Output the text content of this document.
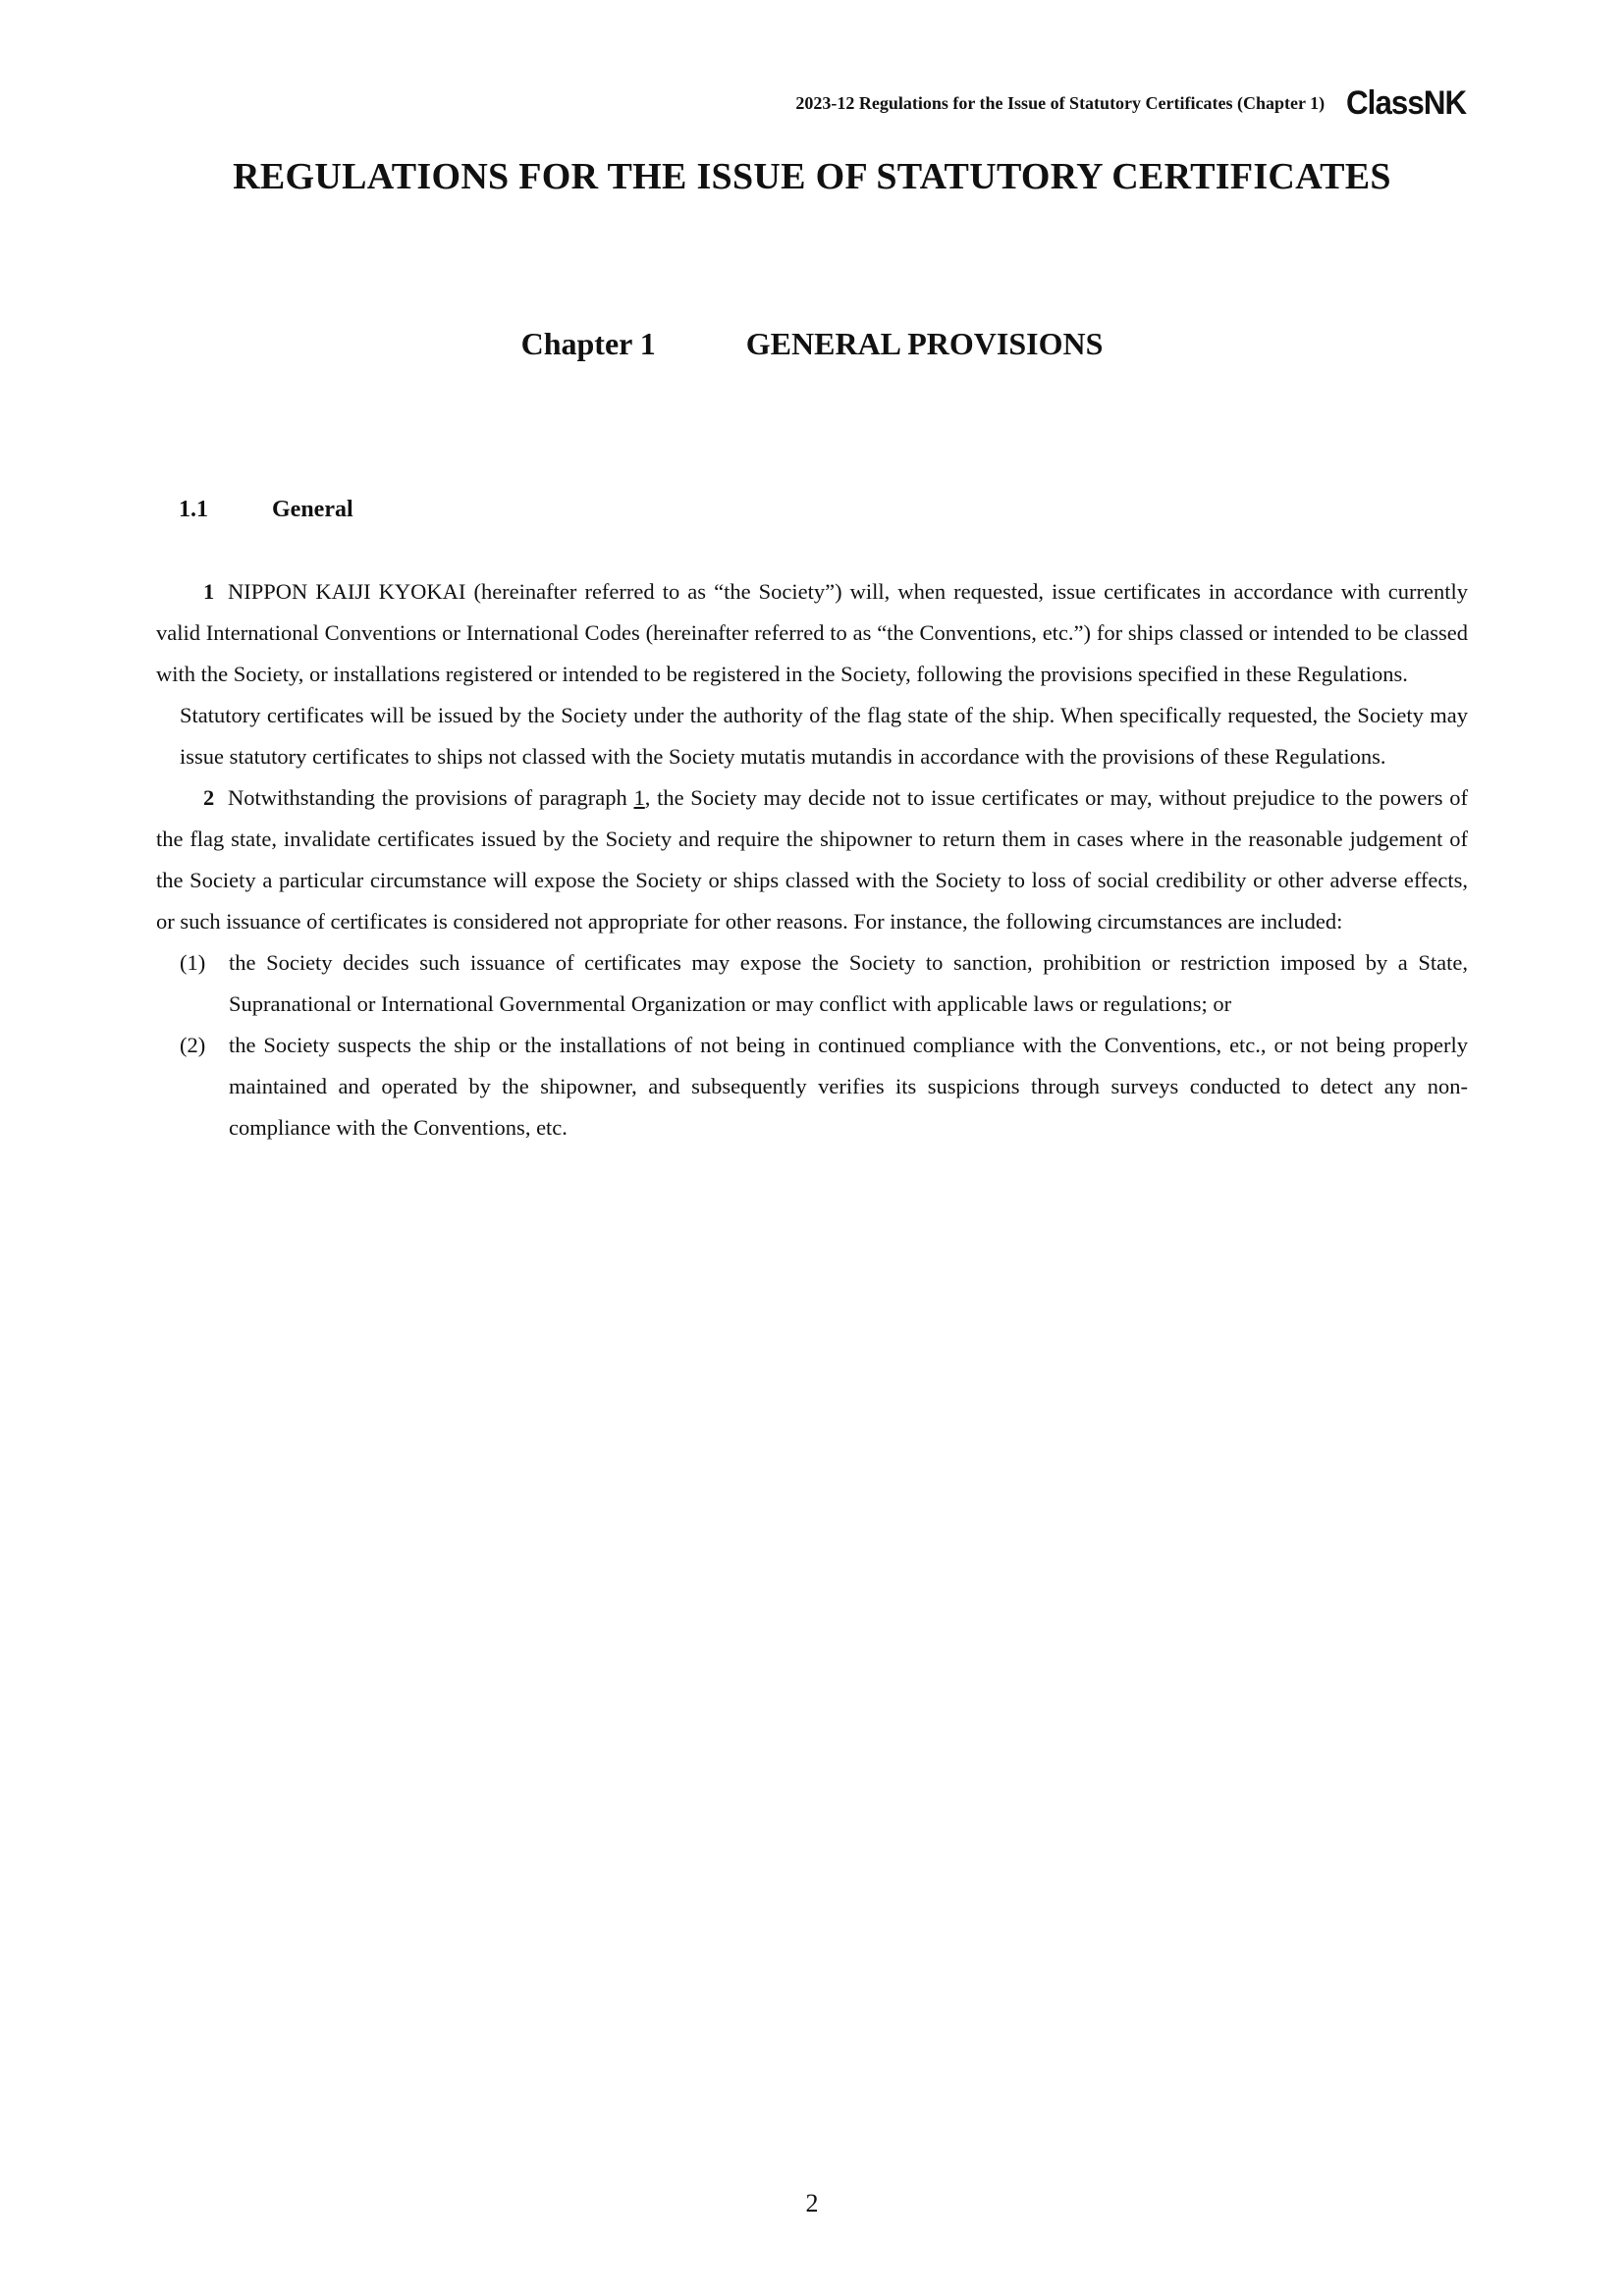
2023-12 Regulations for the Issue of Statutory Certificates (Chapter 1) ClassNK
REGULATIONS FOR THE ISSUE OF STATUTORY CERTIFICATES
Chapter 1	GENERAL PROVISIONS
1.1	General

1 NIPPON KAIJI KYOKAI (hereinafter referred to as “the Society”) will, when requested, issue certificates in accordance with currently valid International Conventions or International Codes (hereinafter referred to as “the Conventions, etc.”) for ships classed or intended to be classed with the Society, or installations registered or intended to be registered in the Society, following the provisions specified in these Regulations.

Statutory certificates will be issued by the Society under the authority of the flag state of the ship. When specifically requested, the Society may issue statutory certificates to ships not classed with the Society mutatis mutandis in accordance with the provisions of these Regulations.

2 Notwithstanding the provisions of paragraph 1, the Society may decide not to issue certificates or may, without prejudice to the powers of the flag state, invalidate certificates issued by the Society and require the shipowner to return them in cases where in the reasonable judgement of the Society a particular circumstance will expose the Society or ships classed with the Society to loss of social credibility or other adverse effects, or such issuance of certificates is considered not appropriate for other reasons. For instance, the following circumstances are included:

(1)	the Society decides such issuance of certificates may expose the Society to sanction, prohibition or restriction imposed by a State, Supranational or International Governmental Organization or may conflict with applicable laws or regulations; or
(2)	the Society suspects the ship or the installations of not being in continued compliance with the Conventions, etc., or not being properly maintained and operated by the shipowner, and subsequently verifies its suspicions through surveys conducted to detect any non-compliance with the Conventions, etc.
2
